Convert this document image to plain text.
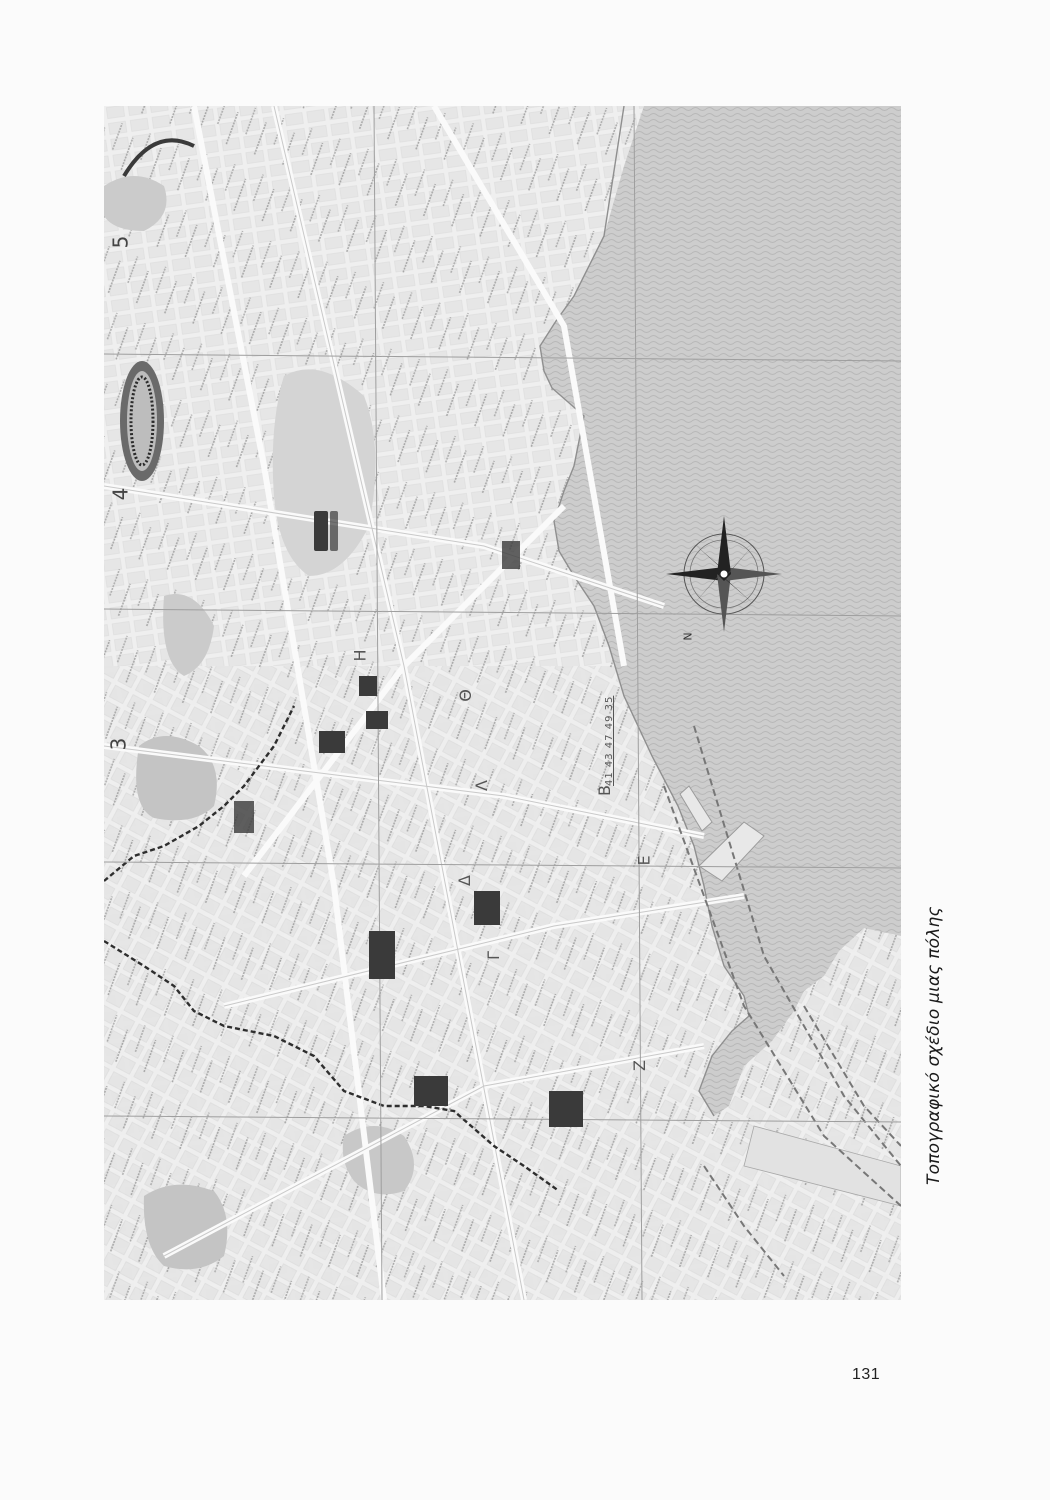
5
4
3
Η
Θ
Δ
Γ
Β
Ε
Ζ
Λ	41 43 47 49 35
N
Τοπογραφικό σχέδιο μιας πόλης
131
